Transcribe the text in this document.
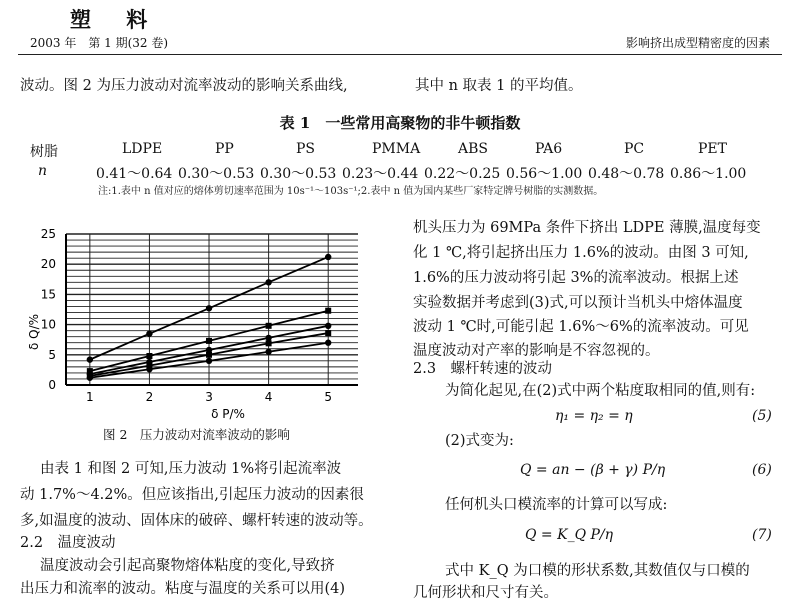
塑 料
2003 年　第 1 期(32 卷)	影响挤出成型精密度的因素
波动。图 2 为压力波动对流率波动的影响关系曲线,	其中 n 取表 1 的平均值。
表 1　一些常用高聚物的非牛顿指数
树脂	LDPE	PP	PS	PMMA	ABS	PA6	PC	PET
n	0.41〜0.64 0.30〜0.53 0.30〜0.53 0.23〜0.44 0.22〜0.25 0.56〜1.00 0.48〜0.78 0.86〜1.00
注:1.表中 n 值对应的熔体剪切速率范围为 10s⁻¹〜103s⁻¹;2.表中 n 值为国内某些厂家特定牌号树脂的实测数据。
0
5
10
15
20
25
1	2	3	4	5
δ Q/%
δ P/%
图 2　压力波动对流率波动的影响
由表 1 和图 2 可知,压力波动 1%将引起流率波
动 1.7%〜4.2%。但应该指出,引起压力波动的因素很
多,如温度的波动、固体床的破碎、螺杆转速的波动等。
2.2　温度波动
温度波动会引起高聚物熔体粘度的变化,导致挤
出压力和流率的波动。粘度与温度的关系可以用(4)
机头压力为 69MPa 条件下挤出 LDPE 薄膜,温度每变
化 1 ℃,将引起挤出压力 1.6%的波动。由图 3 可知,
1.6%的压力波动将引起 3%的流率波动。根据上述
实验数据并考虑到(3)式,可以预计当机头中熔体温度
波动 1 ℃时,可能引起 1.6%〜6%的流率波动。可见
温度波动对产率的影响是不容忽视的。
2.3　螺杆转速的波动
为简化起见,在(2)式中两个粘度取相同的值,则有:
η₁ = η₂ = η	(5)
(2)式变为:
Q = an − (β + γ) P/η	(6)
任何机头口模流率的计算可以写成:
Q = K_Q P/η	(7)
式中 K_Q 为口模的形状系数,其数值仅与口模的
几何形状和尺寸有关。
